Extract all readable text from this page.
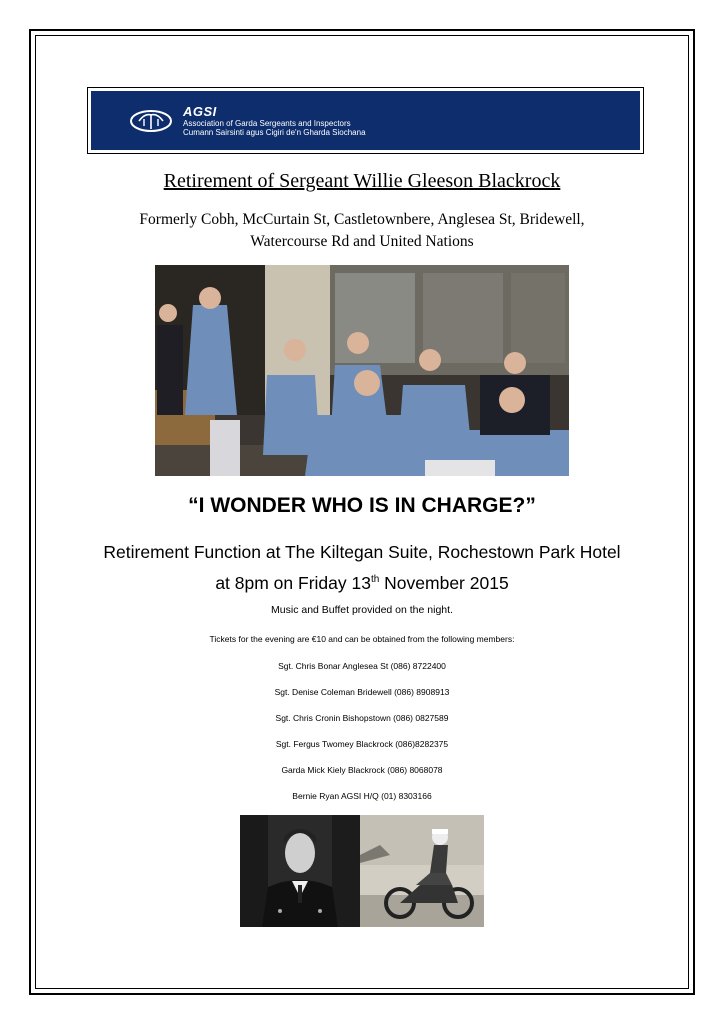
AGSI
Association of Garda Sergeants and Inspectors
Cumann Sairsinti agus Cigiri de'n Gharda Siochana
Retirement of Sergeant Willie Gleeson Blackrock
Formerly Cobh, McCurtain St, Castletownbere, Anglesea St, Bridewell, Watercourse Rd and United Nations
“I WONDER WHO IS IN CHARGE?”
Retirement Function at The Kiltegan Suite, Rochestown Park Hotel
at 8pm on Friday 13th November 2015
Music and Buffet provided on the night.
Tickets for the evening are €10 and can be obtained from the following members:
Sgt. Chris Bonar Anglesea St (086) 8722400
Sgt. Denise Coleman Bridewell (086) 8908913
Sgt. Chris Cronin Bishopstown (086) 0827589
Sgt. Fergus Twomey Blackrock (086)8282375
Garda Mick Kiely Blackrock (086) 8068078
Bernie Ryan AGSI H/Q (01) 8303166
